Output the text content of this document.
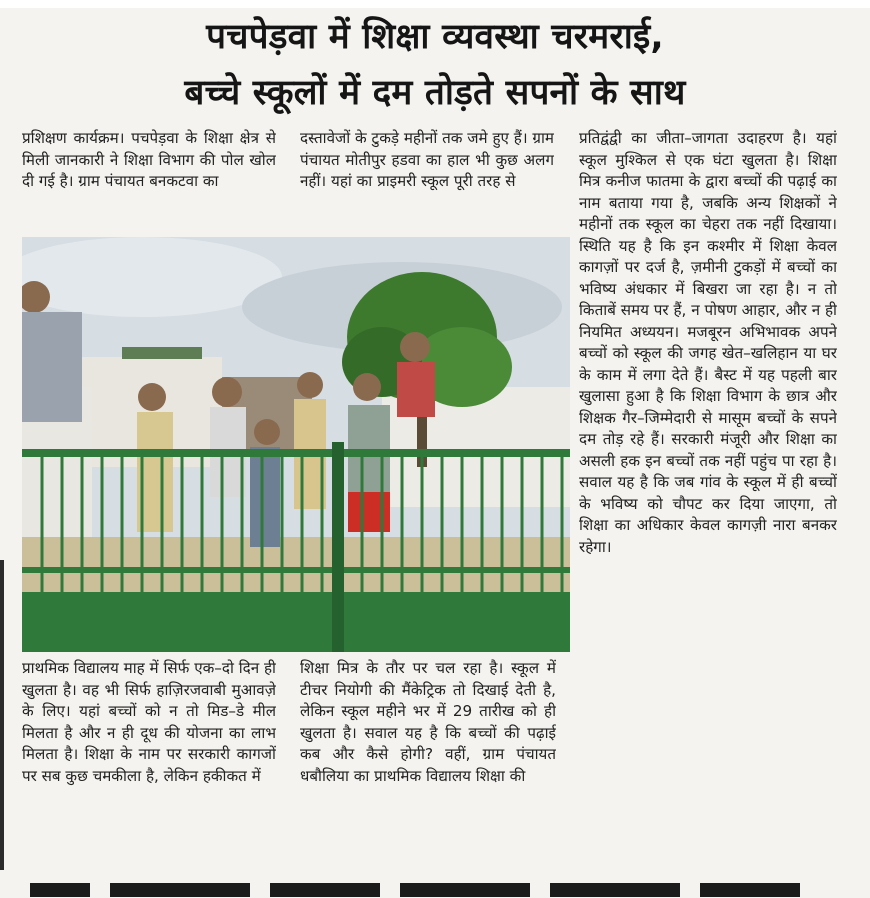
पचपेड़वा में शिक्षा व्यवस्था चरमराई,
बच्चे स्कूलों में दम तोड़ते सपनों के साथ
प्रशिक्षण कार्यक्रम। पचपेड़वा के शिक्षा क्षेत्र से मिली जानकारी ने शिक्षा विभाग की पोल खोल दी गई है। ग्राम पंचायत बनकटवा का
दस्तावेजों के टुकड़े महीनों तक जमे हुए हैं। ग्राम पंचायत मोतीपुर हडवा का हाल भी कुछ अलग नहीं। यहां का प्राइमरी स्कूल पूरी तरह से
प्रतिद्वंद्वी का जीता–जागता उदाहरण है। यहां स्कूल मुश्किल से एक घंटा खुलता है। शिक्षा मित्र कनीज फातमा के द्वारा बच्चों की पढ़ाई का नाम बताया गया है, जबकि अन्य शिक्षकों ने महीनों तक स्कूल का चेहरा तक नहीं दिखाया। स्थिति यह है कि इन कश्मीर में शिक्षा केवल कागज़ों पर दर्ज है, ज़मीनी टुकड़ों में बच्चों का भविष्य अंधकार में बिखरा जा रहा है। न तो किताबें समय पर हैं, न पोषण आहार, और न ही नियमित अध्ययन। मजबूरन अभिभावक अपने बच्चों को स्कूल की जगह खेत–खलिहान या घर के काम में लगा देते हैं। बैस्ट में यह पहली बार खुलासा हुआ है कि शिक्षा विभाग के छात्र और शिक्षक गैर–जिम्मेदारी से मासूम बच्चों के सपने दम तोड़ रहे हैं। सरकारी मंजूरी और शिक्षा का असली हक इन बच्चों तक नहीं पहुंच पा रहा है। सवाल यह है कि जब गांव के स्कूल में ही बच्चों के भविष्य को चौपट कर दिया जाएगा, तो शिक्षा का अधिकार केवल कागज़ी नारा बनकर रहेगा।
प्राथमिक विद्यालय माह में सिर्फ एक–दो दिन ही खुलता है। वह भी सिर्फ हाज़िरजवाबी मुआवज़े के लिए। यहां बच्चों को न तो मिड–डे मील मिलता है और न ही दूध की योजना का लाभ मिलता है। शिक्षा के नाम पर सरकारी कागजों पर सब कुछ चमकीला है, लेकिन हकीकत में
शिक्षा मित्र के तौर पर चल रहा है। स्कूल में टीचर नियोगी की मैंकेट्रिक तो दिखाई देती है, लेकिन स्कूल महीने भर में 29 तारीख को ही खुलता है। सवाल यह है कि बच्चों की पढ़ाई कब और कैसे होगी? वहीं, ग्राम पंचायत धबौलिया का प्राथमिक विद्यालय शिक्षा की
